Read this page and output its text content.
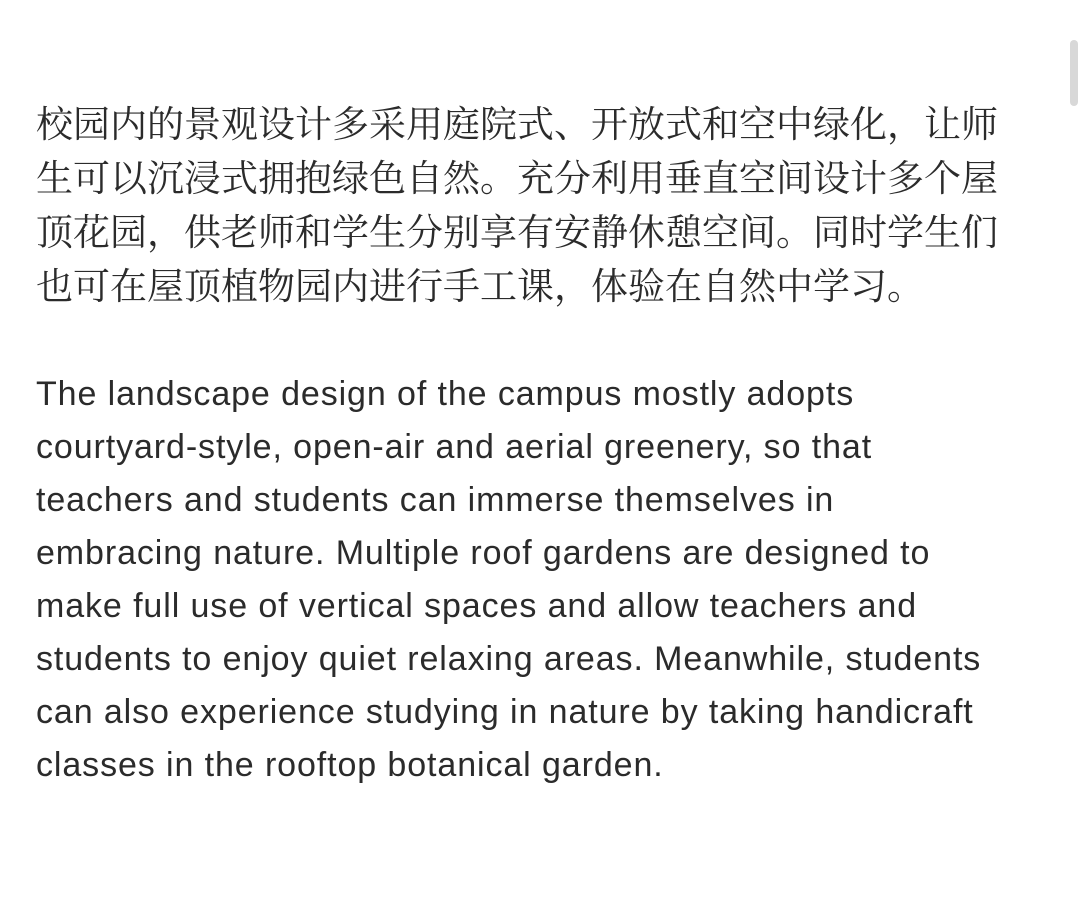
校园内的景观设计多采用庭院式、开放式和空中绿化，让师
生可以沉浸式拥抱绿色自然。充分利用垂直空间设计多个屋
顶花园，供老师和学生分别享有安静休憩空间。同时学生们
也可在屋顶植物园内进行手工课，体验在自然中学习。

The landscape design of the campus mostly adopts
courtyard-style, open-air and aerial greenery, so that
teachers and students can immerse themselves in
embracing nature. Multiple roof gardens are designed to
make full use of vertical spaces and allow teachers and
students to enjoy quiet relaxing areas. Meanwhile, students
can also experience studying in nature by taking handicraft
classes in the rooftop botanical garden.
